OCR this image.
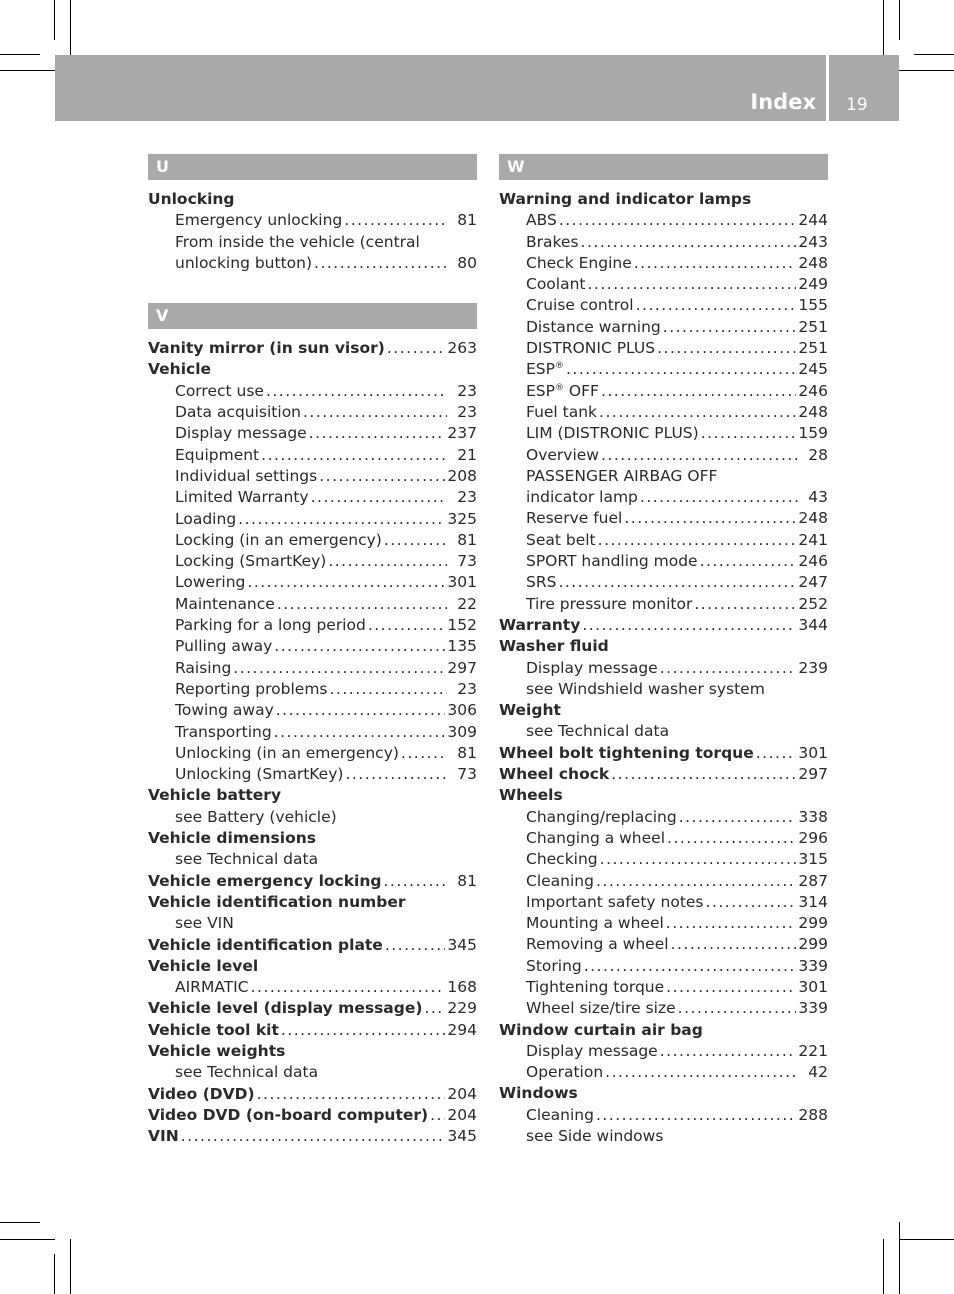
Index 19
U
Unlocking
Emergency unlocking .....	81
From inside the vehicle (central
unlocking button) .....	80
V
Vanity mirror (in sun visor) .....	263
Vehicle
Correct use .....	23
Data acquisition .....	23
Display message .....	237
Equipment .....	21
Individual settings .....	208
Limited Warranty .....	23
Loading .....	325
Locking (in an emergency) .....	81
Locking (SmartKey) .....	73
Lowering .....	301
Maintenance .....	22
Parking for a long period .....	152
Pulling away .....	135
Raising .....	297
Reporting problems .....	23
Towing away .....	306
Transporting .....	309
Unlocking (in an emergency) .....	81
Unlocking (SmartKey) .....	73
Vehicle battery
see Battery (vehicle)
Vehicle dimensions
see Technical data
Vehicle emergency locking .....	81
Vehicle identification number
see VIN
Vehicle identification plate .....	345
Vehicle level
AIRMATIC .....	168
Vehicle level (display message) ..... 229
Vehicle tool kit .....	294
Vehicle weights
see Technical data
Video (DVD) .....	204
Video DVD (on-board computer) ..... 204
VIN .....	345
W
Warning and indicator lamps
ABS .....	244
Brakes .....	243
Check Engine .....	248
Coolant .....	249
Cruise control .....	155
Distance warning .....	251
DISTRONIC PLUS .....	251
ESP® .....	245
ESP® OFF .....	246
Fuel tank .....	248
LIM (DISTRONIC PLUS) .....	159
Overview .....	28
PASSENGER AIRBAG OFF
indicator lamp .....	43
Reserve fuel .....	248
Seat belt .....	241
SPORT handling mode .....	246
SRS .....	247
Tire pressure monitor .....	252
Warranty .....	344
Washer fluid
Display message .....	239
see Windshield washer system
Weight
see Technical data
Wheel bolt tightening torque .....	301
Wheel chock .....	297
Wheels
Changing/replacing .....	338
Changing a wheel .....	296
Checking .....	315
Cleaning .....	287
Important safety notes .....	314
Mounting a wheel .....	299
Removing a wheel .....	299
Storing .....	339
Tightening torque .....	301
Wheel size/tire size .....	339
Window curtain air bag
Display message .....	221
Operation .....	42
Windows
Cleaning .....	288
see Side windows
